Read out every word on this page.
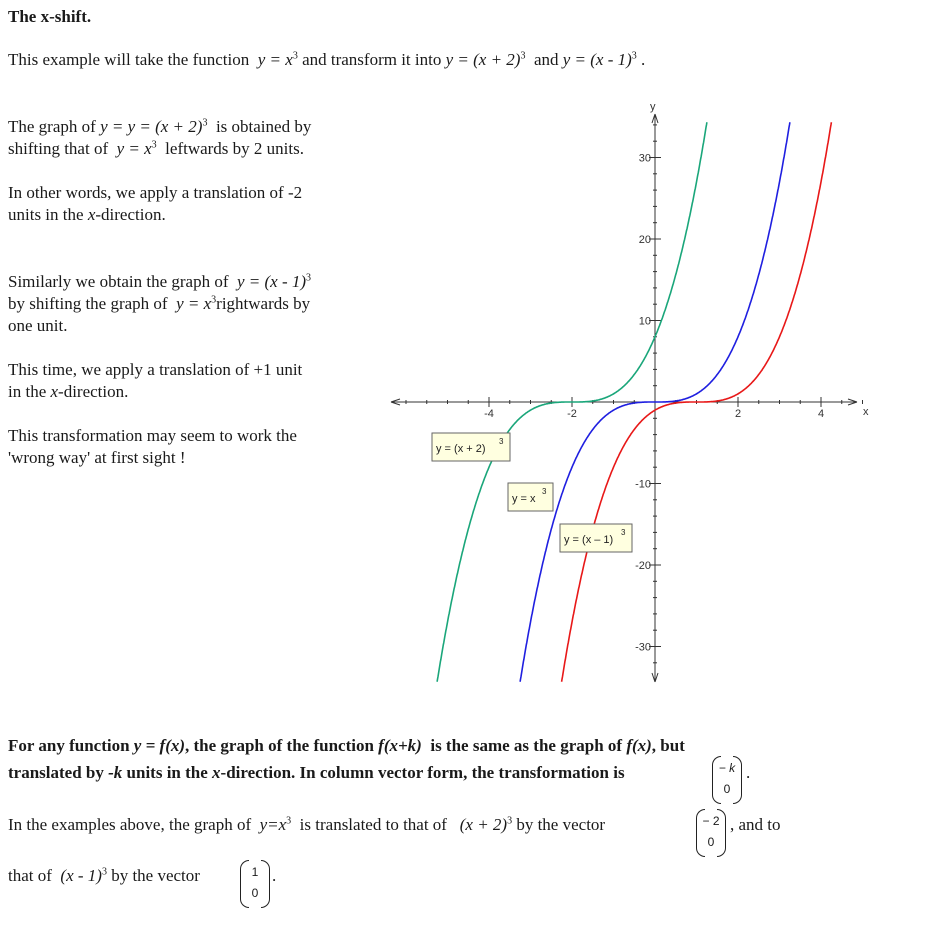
The x-shift.
This example will take the function $y = x^3$ and transform it into $y = (x + 2)^3$ and y = (x - 1)$^3$ .
The graph of $y = y = (x + 2)^3$ is obtained by
shifting that of $y = x^3$ leftwards by 2 units.
In other words, we apply a translation of -2
units in the x-direction.
Similarly we obtain the graph of y = (x - 1)$^3$
by shifting the graph of $y = x^3rightwards$ by
one unit.
This time, we apply a translation of +1 unit
in the x-direction.
This transformation may seem to work the
'wrong way' at first sight !
-4	-2	2	4
30
20
10
-10
-20
-30
x
y
y = (x + 2)
3
y = x
3
y = (x – 1)
3
For any function y = f(x), the graph of the function f(x+k) is the same as the graph of f(x), but
translated by -k units in the x-direction. In column vector form, the transformation is	− k
0
.
In the examples above, the graph of $y=x^3$ is translated to that of $(x + 2)^3$ by the vector	− 2
0
, and to
that of (x - 1)$^3$ by the vector	1
0
.
